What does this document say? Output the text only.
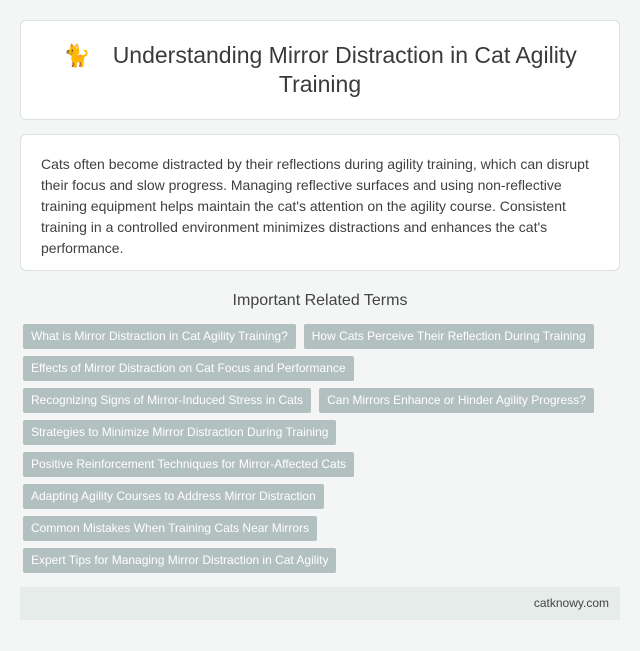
🐈 Understanding Mirror Distraction in Cat Agility Training

Cats often become distracted by their reflections during agility training, which can disrupt their focus and slow progress. Managing reflective surfaces and using non-reflective training equipment helps maintain the cat's attention on the agility course. Consistent training in a controlled environment minimizes distractions and enhances the cat's performance.

Important Related Terms
What is Mirror Distraction in Cat Agility Training?	How Cats Perceive Their Reflection During Training
Effects of Mirror Distraction on Cat Focus and Performance
Recognizing Signs of Mirror-Induced Stress in Cats	Can Mirrors Enhance or Hinder Agility Progress?
Strategies to Minimize Mirror Distraction During Training
Positive Reinforcement Techniques for Mirror-Affected Cats
Adapting Agility Courses to Address Mirror Distraction
Common Mistakes When Training Cats Near Mirrors
Expert Tips for Managing Mirror Distraction in Cat Agility
catknowy.com
